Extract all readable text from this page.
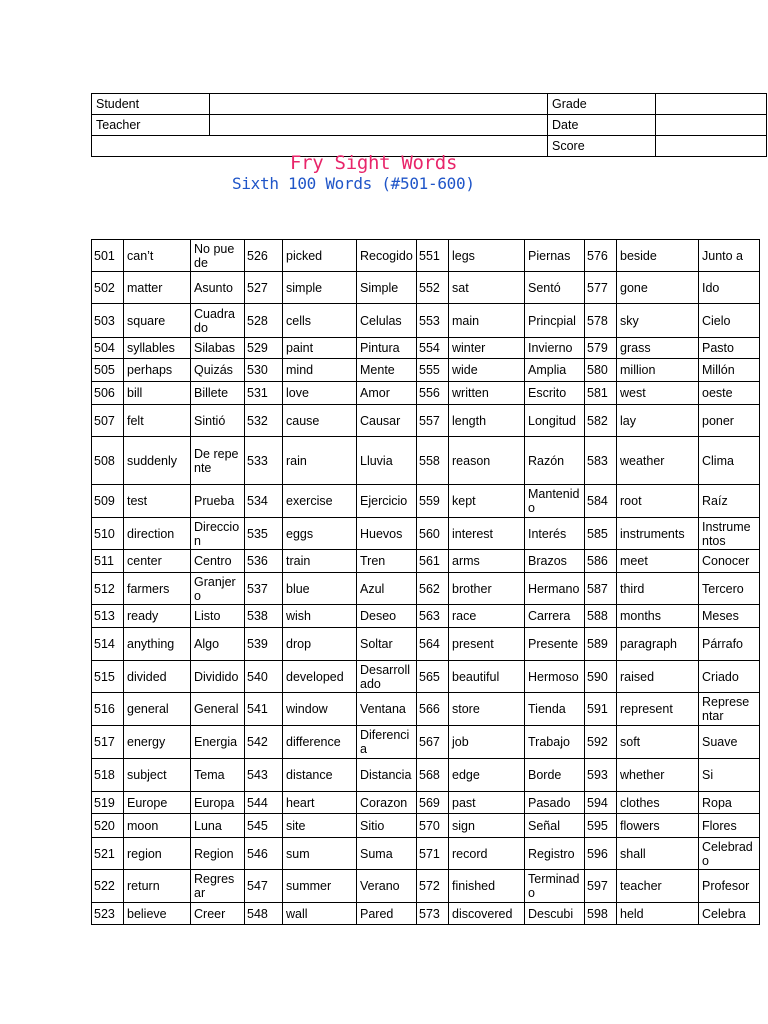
Student		Grade	
Teacher		Date	
		Score	
Fry Sight Words
Sixth 100 Words (#501-600)
501	can’t	No puede	526	picked	Recogido	551	legs	Piernas	576	beside	Junto a
502	matter	Asunto	527	simple	Simple	552	sat	Sentó	577	gone	Ido
503	square	Cuadrado	528	cells	Celulas	553	main	Princpial	578	sky	Cielo
504	syllables	Silabas	529	paint	Pintura	554	winter	Invierno	579	grass	Pasto
505	perhaps	Quizás	530	mind	Mente	555	wide	Amplia	580	million	Millón
506	bill	Billete	531	love	Amor	556	written	Escrito	581	west	oeste
507	felt	Sintió	532	cause	Causar	557	length	Longitud	582	lay	poner
508	suddenly	De repente	533	rain	Lluvia	558	reason	Razón	583	weather	Clima
509	test	Prueba	534	exercise	Ejercicio	559	kept	Mantenido	584	root	Raíz
510	direction	Direccion	535	eggs	Huevos	560	interest	Interés	585	instruments	Instrumentos
511	center	Centro	536	train	Tren	561	arms	Brazos	586	meet	Conocer
512	farmers	Granjero	537	blue	Azul	562	brother	Hermano	587	third	Tercero
513	ready	Listo	538	wish	Deseo	563	race	Carrera	588	months	Meses
514	anything	Algo	539	drop	Soltar	564	present	Presente	589	paragraph	Párrafo
515	divided	Dividido	540	developed	Desarrollado	565	beautiful	Hermoso	590	raised	Criado
516	general	General	541	window	Ventana	566	store	Tienda	591	represent	Representar
517	energy	Energia	542	difference	Diferencia	567	job	Trabajo	592	soft	Suave
518	subject	Tema	543	distance	Distancia	568	edge	Borde	593	whether	Si
519	Europe	Europa	544	heart	Corazon	569	past	Pasado	594	clothes	Ropa
520	moon	Luna	545	site	Sitio	570	sign	Señal	595	flowers	Flores
521	region	Region	546	sum	Suma	571	record	Registro	596	shall	Celebrado
522	return	Regresar	547	summer	Verano	572	finished	Terminado	597	teacher	Profesor
523	believe	Creer	548	wall	Pared	573	discovered	Descubi	598	held	Celebra
